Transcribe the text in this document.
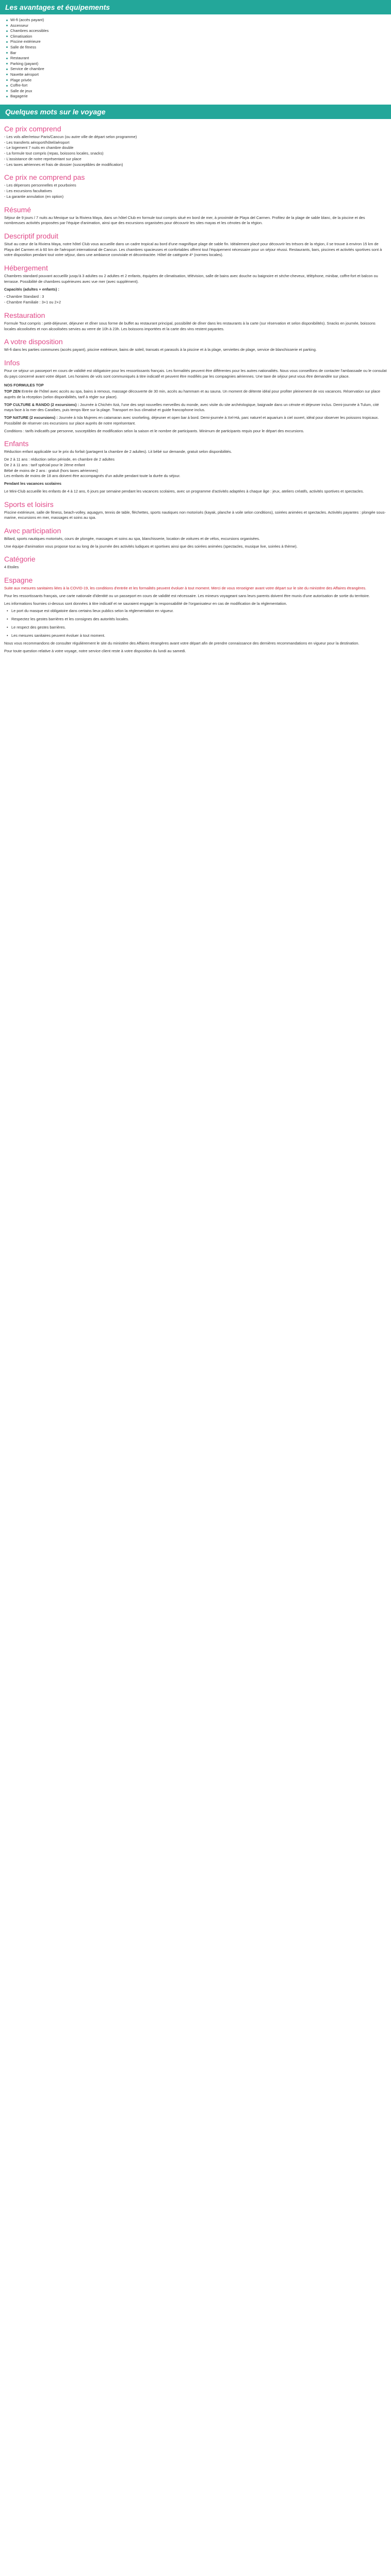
Les avantages et équipements
Wi-fi (accès payant)
Ascenseur
Chambres accessibles
Climatisation
Piscine extérieure
Salle de fitness
Bar
Restaurant
Parking (payant)
Service de chambre
Navette aéroport
Plage privée
Coffre-fort
Salle de jeux
Bagagerie
Quelques mots sur le voyage
Ce prix comprend
- Les vols aller/retour Paris/Cancun (ou autre ville de départ selon programme)
- Les transferts aéroport/hôtel/aéroport
- Le logement 7 nuits en chambre double
- La formule tout compris (repas, boissons locales, snacks)
- L'assistance de notre représentant sur place
- Les taxes aériennes et frais de dossier (susceptibles de modification)
Ce prix ne comprend pas
- Les dépenses personnelles et pourboires
- Les excursions facultatives
- La garantie annulation (en option)
Résumé

Séjour de 9 jours / 7 nuits au Mexique sur la Riviera Maya, dans un hôtel Club en formule tout compris situé en bord de mer, à proximité de Playa del Carmen. Profitez de la plage de sable blanc, de la piscine et des nombreuses activités proposées par l'équipe d'animation, ainsi que des excursions organisées pour découvrir les sites mayas et les cénotes de la région.

Descriptif produit

Situé au cœur de la Riviera Maya, notre hôtel Club vous accueille dans un cadre tropical au bord d'une magnifique plage de sable fin. Idéalement placé pour découvrir les trésors de la région, il se trouve à environ 15 km de Playa del Carmen et à 60 km de l'aéroport international de Cancun. Les chambres spacieuses et confortables offrent tout l'équipement nécessaire pour un séjour réussi. Restaurants, bars, piscines et activités sportives sont à votre disposition pendant tout votre séjour, dans une ambiance conviviale et décontractée. Hôtel de catégorie 4* (normes locales).

Hébergement

Chambres standard pouvant accueillir jusqu'à 3 adultes ou 2 adultes et 2 enfants, équipées de climatisation, télévision, salle de bains avec douche ou baignoire et sèche-cheveux, téléphone, minibar, coffre-fort et balcon ou terrasse. Possibilité de chambres supérieures avec vue mer (avec supplément).

Capacités (adultes + enfants) :

- Chambre Standard : 3
- Chambre Familiale : 3+1 ou 2+2
Restauration

Formule Tout compris : petit-déjeuner, déjeuner et dîner sous forme de buffet au restaurant principal, possibilité de dîner dans les restaurants à la carte (sur réservation et selon disponibilités). Snacks en journée, boissons locales alcoolisées et non alcoolisées servies au verre de 10h à 23h. Les boissons importées et la carte des vins restent payantes.

A votre disposition

Wi-fi dans les parties communes (accès payant), piscine extérieure, bains de soleil, transats et parasols à la piscine et à la plage, serviettes de plage, service de blanchisserie et parking.

Infos

Pour ce séjour un passeport en cours de validité est obligatoire pour les ressortissants français. Les formalités peuvent être différentes pour les autres nationalités. Nous vous conseillons de contacter l'ambassade ou le consulat du pays concerné avant votre départ. Les horaires de vols sont communiqués à titre indicatif et peuvent être modifiés par les compagnies aériennes. Une taxe de séjour peut vous être demandée sur place.

NOS FORMULES TOP

TOP ZEN Entrée de l'hôtel avec accès au spa, bains à remous, massage découverte de 30 min, accès au hammam et au sauna. Un moment de détente idéal pour profiter pleinement de vos vacances. Réservation sur place auprès de la réception (selon disponibilités, tarif à régler sur place).

TOP CULTURE & RANDO (2 excursions) : Journée à Chichén Itzá, l'une des sept nouvelles merveilles du monde, avec visite du site archéologique, baignade dans un cénote et déjeuner inclus. Demi-journée à Tulum, cité maya face à la mer des Caraïbes, puis temps libre sur la plage. Transport en bus climatisé et guide francophone inclus.

TOP NATURE (2 excursions) : Journée à Isla Mujeres en catamaran avec snorkeling, déjeuner et open bar à bord. Demi-journée à Xel-Há, parc naturel et aquarium à ciel ouvert, idéal pour observer les poissons tropicaux. Possibilité de réserver ces excursions sur place auprès de notre représentant.

Conditions : tarifs indicatifs par personne, susceptibles de modification selon la saison et le nombre de participants. Minimum de participants requis pour le départ des excursions.

Enfants

Réduction enfant applicable sur le prix du forfait (partagent la chambre de 2 adultes). Lit bébé sur demande, gratuit selon disponibilités.

De 2 à 11 ans : réduction selon période, en chambre de 2 adultes
De 2 à 11 ans : tarif spécial pour le 2ème enfant
Bébé de moins de 2 ans : gratuit (hors taxes aériennes)

Les enfants de moins de 18 ans doivent être accompagnés d'un adulte pendant toute la durée du séjour.

Pendant les vacances scolaires

Le Mini-Club accueille les enfants de 4 à 12 ans, 6 jours par semaine pendant les vacances scolaires, avec un programme d'activités adaptées à chaque âge : jeux, ateliers créatifs, activités sportives et spectacles.

Sports et loisirs

Piscine extérieure, salle de fitness, beach-volley, aquagym, tennis de table, fléchettes, sports nautiques non motorisés (kayak, planche à voile selon conditions), soirées animées et spectacles. Activités payantes : plongée sous-marine, excursions en mer, massages et soins au spa.

Avec participation

Billard, sports nautiques motorisés, cours de plongée, massages et soins au spa, blanchisserie, location de voitures et de vélos, excursions organisées.

Une équipe d'animation vous propose tout au long de la journée des activités ludiques et sportives ainsi que des soirées animées (spectacles, musique live, soirées à thème).

Catégorie

4 Etoiles

Espagne

Suite aux mesures sanitaires liées à la COVID-19, les conditions d'entrée et les formalités peuvent évoluer à tout moment. Merci de vous renseigner avant votre départ sur le site du ministère des Affaires étrangères.

Pour les ressortissants français, une carte nationale d'identité ou un passeport en cours de validité est nécessaire. Les mineurs voyageant sans leurs parents doivent être munis d'une autorisation de sortie du territoire.

Les informations fournies ci-dessus sont données à titre indicatif et ne sauraient engager la responsabilité de l'organisateur en cas de modification de la réglementation.

• Le port du masque est obligatoire dans certains lieux publics selon la réglementation en vigueur.
• Respectez les gestes barrières et les consignes des autorités locales.
• Le respect des gestes barrières.
• Les mesures sanitaires peuvent évoluer à tout moment.

Nous vous recommandons de consulter régulièrement le site du ministère des Affaires étrangères avant votre départ afin de prendre connaissance des dernières recommandations en vigueur pour la destination.

Pour toute question relative à votre voyage, notre service client reste à votre disposition du lundi au samedi.
